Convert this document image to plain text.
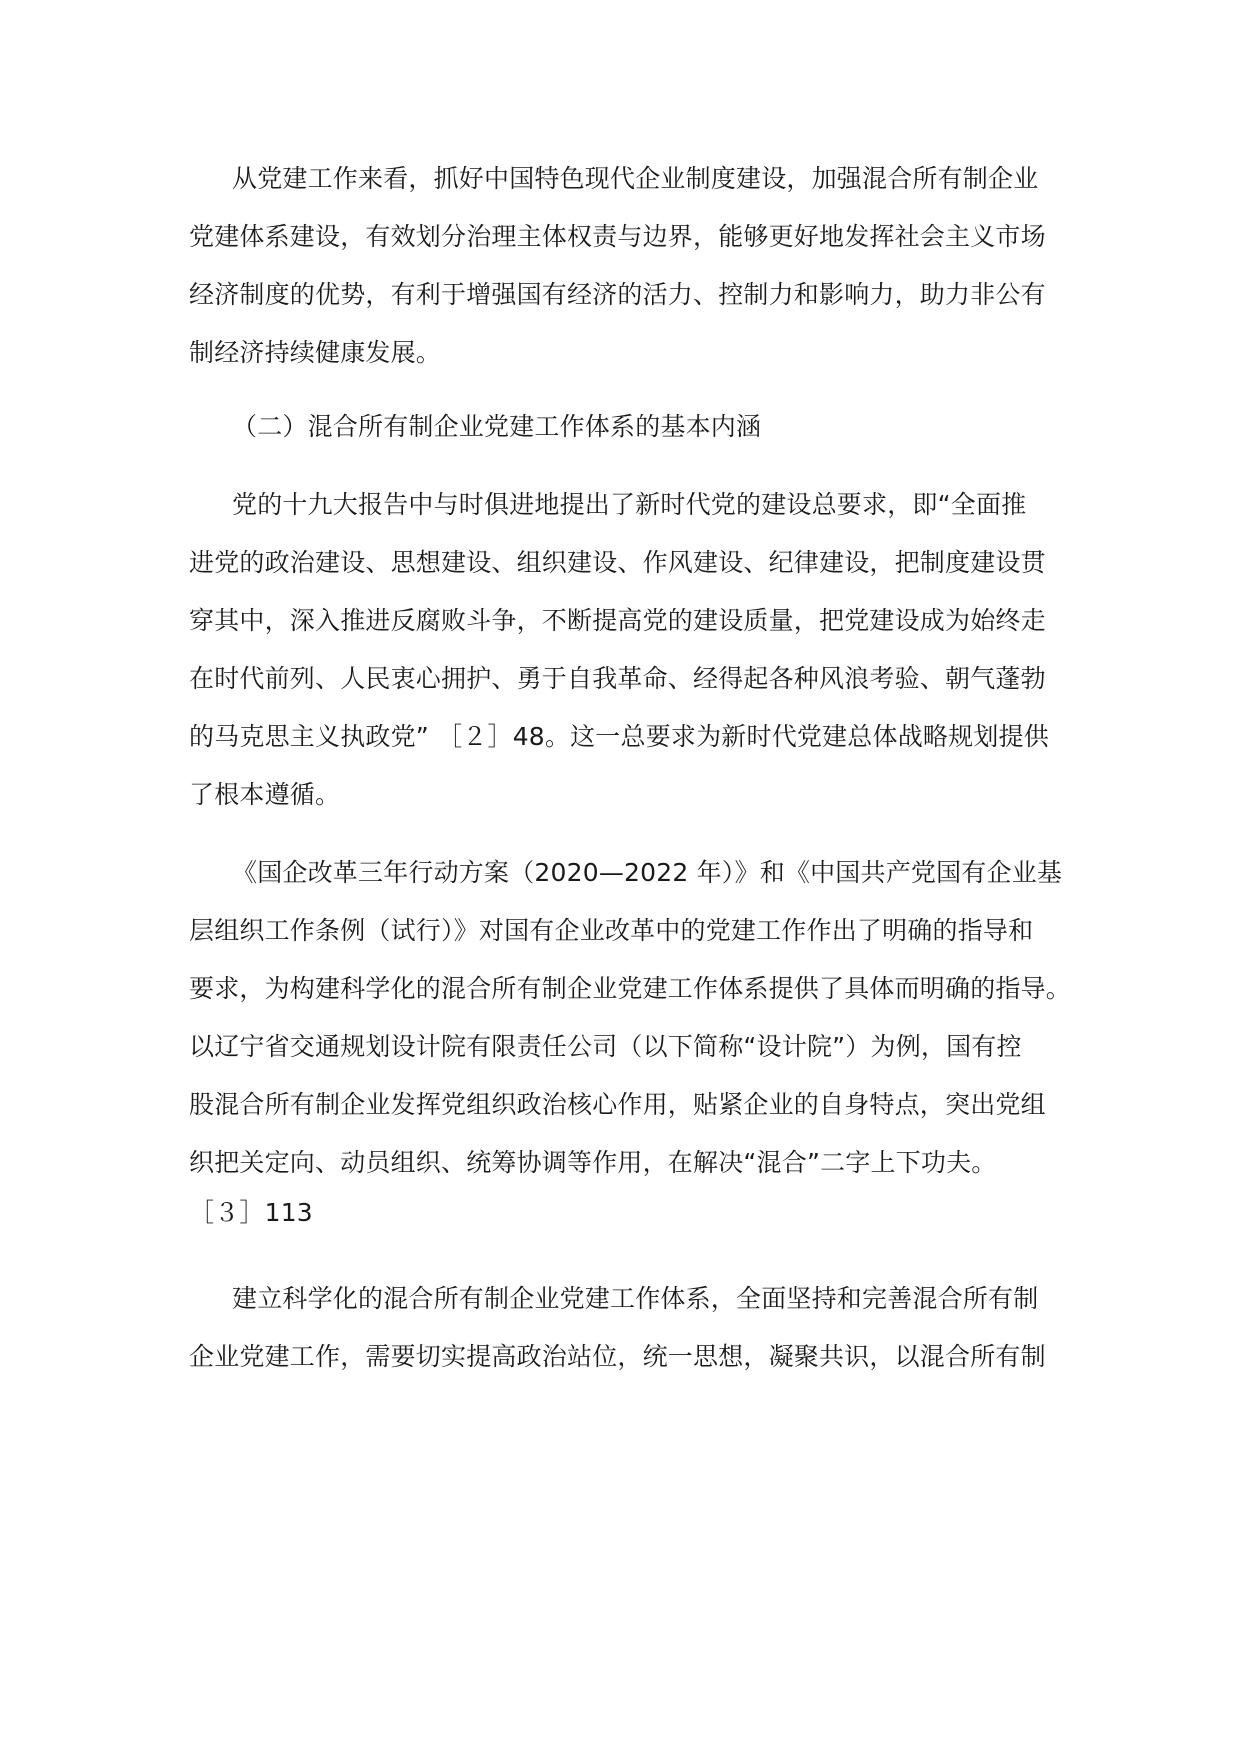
从党建工作来看，抓好中国特色现代企业制度建设，加强混合所有制企业
党建体系建设，有效划分治理主体权责与边界，能够更好地发挥社会主义市场
经济制度的优势，有利于增强国有经济的活力、控制力和影响力，助力非公有
制经济持续健康发展。
（二）混合所有制企业党建工作体系的基本内涵
党的十九大报告中与时俱进地提出了新时代党的建设总要求，即“全面推
进党的政治建设、思想建设、组织建设、作风建设、纪律建设，把制度建设贯
穿其中，深入推进反腐败斗争，不断提高党的建设质量，把党建设成为始终走
在时代前列、人民衷心拥护、勇于自我革命、经得起各种风浪考验、朝气蓬勃
的马克思主义执政党” ［２］48。这一总要求为新时代党建总体战略规划提供
了根本遵循。
《国企改革三年行动方案（2020—2022 年）》和《中国共产党国有企业基
层组织工作条例（试行）》对国有企业改革中的党建工作作出了明确的指导和
要求，为构建科学化的混合所有制企业党建工作体系提供了具体而明确的指导。
以辽宁省交通规划设计院有限责任公司（以下简称“设计院”）为例，国有控
股混合所有制企业发挥党组织政治核心作用，贴紧企业的自身特点，突出党组
织把关定向、动员组织、统筹协调等作用，在解决“混合”二字上下功夫。
［３］113
建立科学化的混合所有制企业党建工作体系，全面坚持和完善混合所有制
企业党建工作，需要切实提高政治站位，统一思想，凝聚共识，以混合所有制
